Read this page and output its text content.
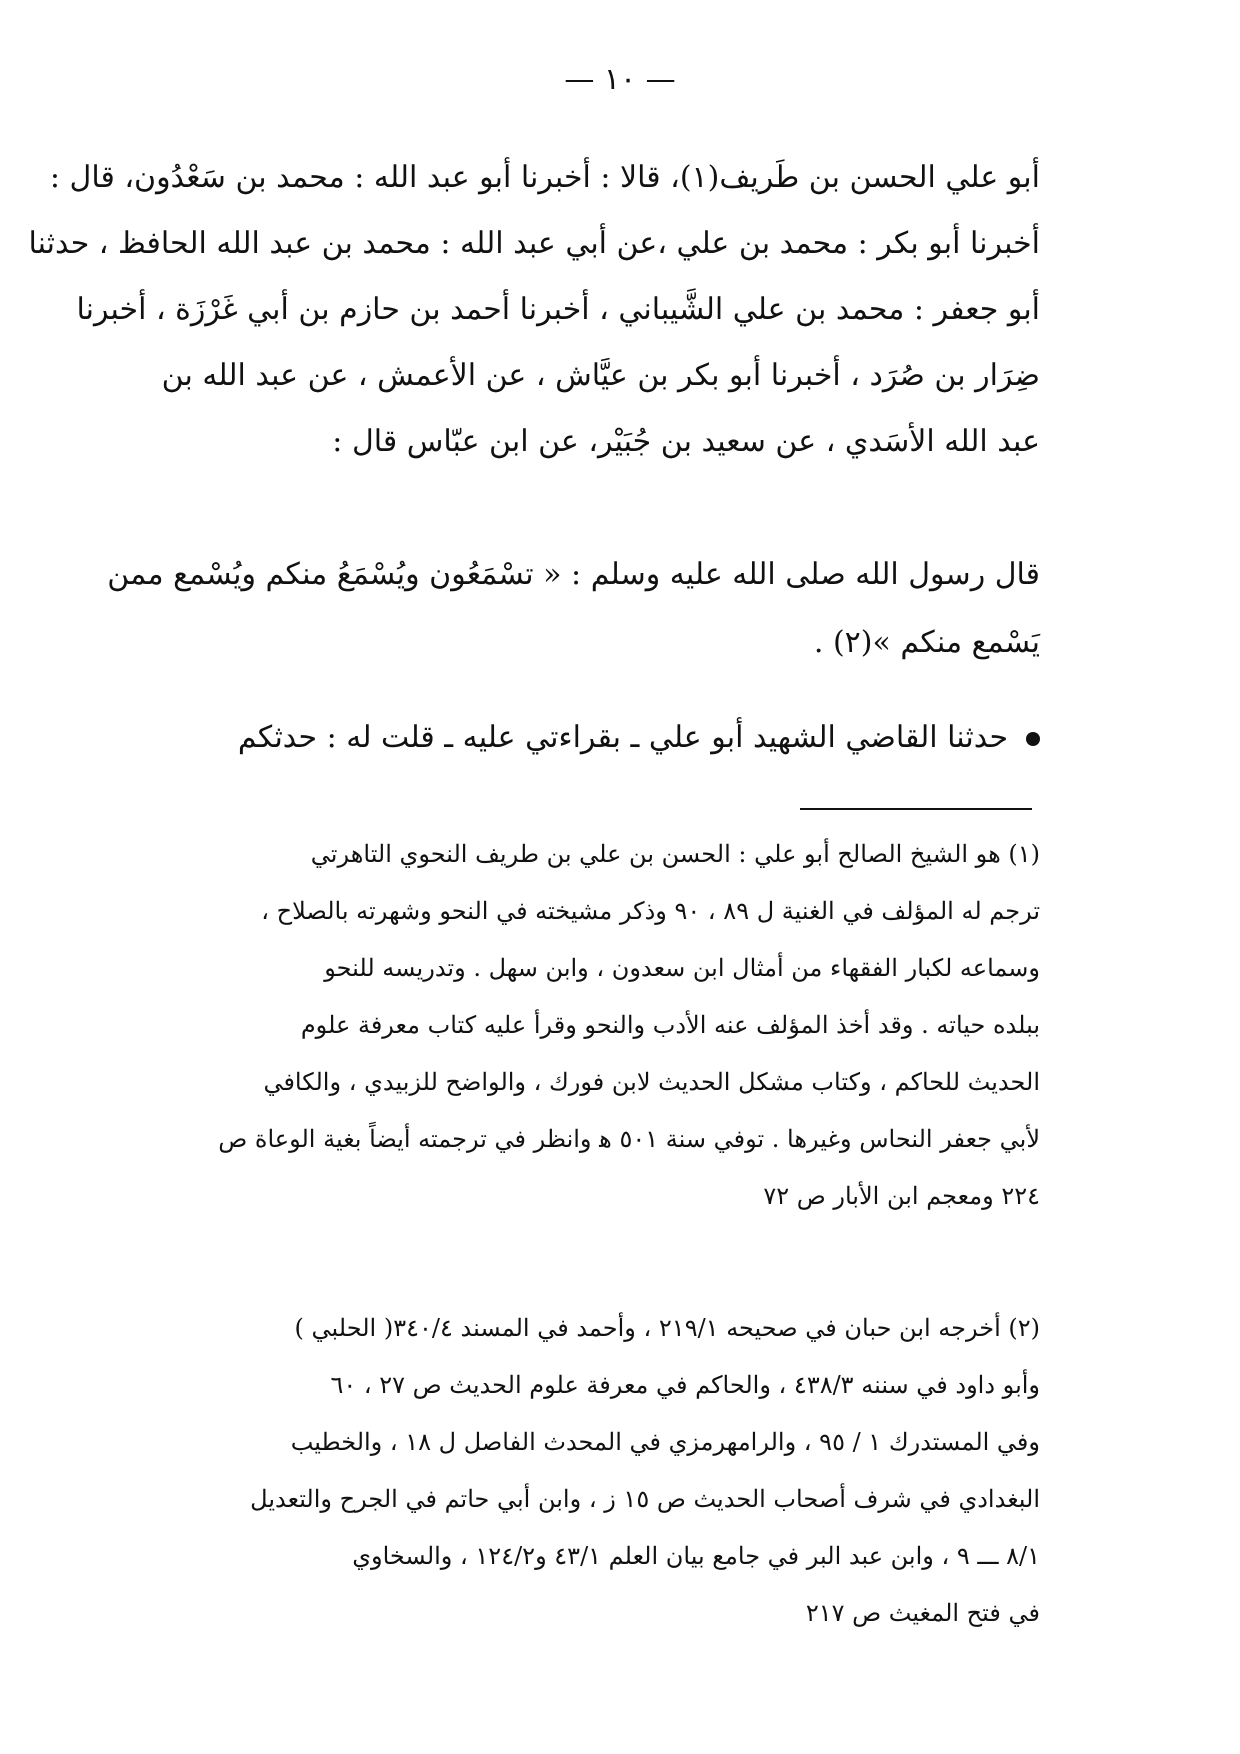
— ١٠ —
أبو علي الحسن بن طَريف(١)، قالا : أخبرنا أبو عبد الله : محمد بن سَعْدُون، قال :
أخبرنا أبو بكر : محمد بن علي ،عن أبي عبد الله : محمد بن عبد الله الحافظ ، حدثنا
أبو جعفر : محمد بن علي الشَّيباني ، أخبرنا أحمد بن حازم بن أبي غَرْزَة ، أخبرنا
ضِرَار بن صُرَد ، أخبرنا أبو بكر بن عيَّاش ، عن الأعمش ، عن عبد الله بن
عبد الله الأسَدي ، عن سعيد بن جُبَيْر، عن ابن عبّاس قال :
قال رسول الله صلى الله عليه وسلم : « تسْمَعُون ويُسْمَعُ منكم ويُسْمع ممن
يَسْمع منكم »(٢) .
حدثنا القاضي الشهيد أبو علي ـ بقراءتي عليه ـ قلت له : حدثكم
(١) هو الشيخ الصالح أبو علي : الحسن بن علي بن طريف النحوي التاهرتي
ترجم له المؤلف في الغنية ل ٨٩ ، ٩٠ وذكر مشيخته في النحو وشهرته بالصلاح ،
وسماعه لكبار الفقهاء من أمثال ابن سعدون ، وابن سهل . وتدريسه للنحو
ببلده حياته . وقد أخذ المؤلف عنه الأدب والنحو وقرأ عليه كتاب معرفة علوم
الحديث للحاكم ، وكتاب مشكل الحديث لابن فورك ، والواضح للزبيدي ، والكافي
لأبي جعفر النحاس وغيرها . توفي سنة ٥٠١ ﻫ وانظر في ترجمته أيضاً بغية الوعاة ص
٢٢٤ ومعجم ابن الأبار ص ٧٢
(٢) أخرجه ابن حبان في صحيحه ٢١٩/١ ، وأحمد في المسند ٣٤٠/٤( الحلبي )
وأبو داود في سننه ٤٣٨/٣ ، والحاكم في معرفة علوم الحديث ص ٢٧ ، ٦٠
وفي المستدرك ١ / ٩٥ ، والرامهرمزي في المحدث الفاصل ل ١٨ ، والخطيب
البغدادي في شرف أصحاب الحديث ص ١٥ ز ، وابن أبي حاتم في الجرح والتعديل
٨/١ ـــ ٩ ، وابن عبد البر في جامع بيان العلم ٤٣/١ و١٢٤/٢ ، والسخاوي
في فتح المغيث ص ٢١٧
